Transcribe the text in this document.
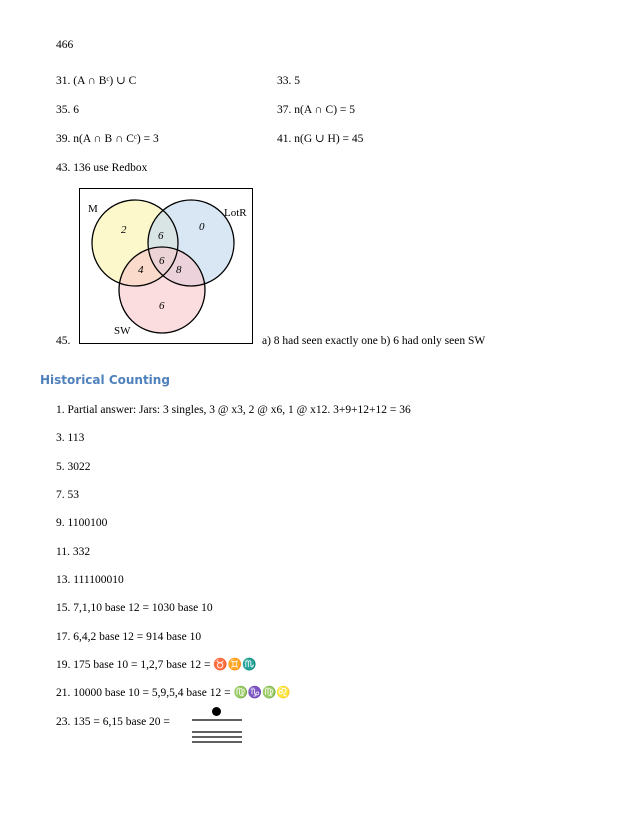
466
31. (A ∩ Bᶜ) ∪ C	33. 5
35. 6	37. n(A ∩ C) = 5
39. n(A ∩ B ∩ Cᶜ) = 3	41. n(G ∪ H) = 45
43. 136 use Redbox
M	LotR
SW
2	0
6
6
4	8
6
45.	a) 8 had seen exactly one b) 6 had only seen SW
Historical Counting
1. Partial answer: Jars: 3 singles, 3 @ x3, 2 @ x6, 1 @ x12. 3+9+12+12 = 36
3. 113
5. 3022
7. 53
9. 1100100
11. 332
13. 111100010
15. 7,1,10 base 12 = 1030 base 10
17. 6,4,2 base 12 = 914 base 10
19. 175 base 10 = 1,2,7 base 12 = ♉♊♏
21. 10000 base 10 = 5,9,5,4 base 12 = ♍♑♍♌
23. 135 = 6,15 base 20 =
